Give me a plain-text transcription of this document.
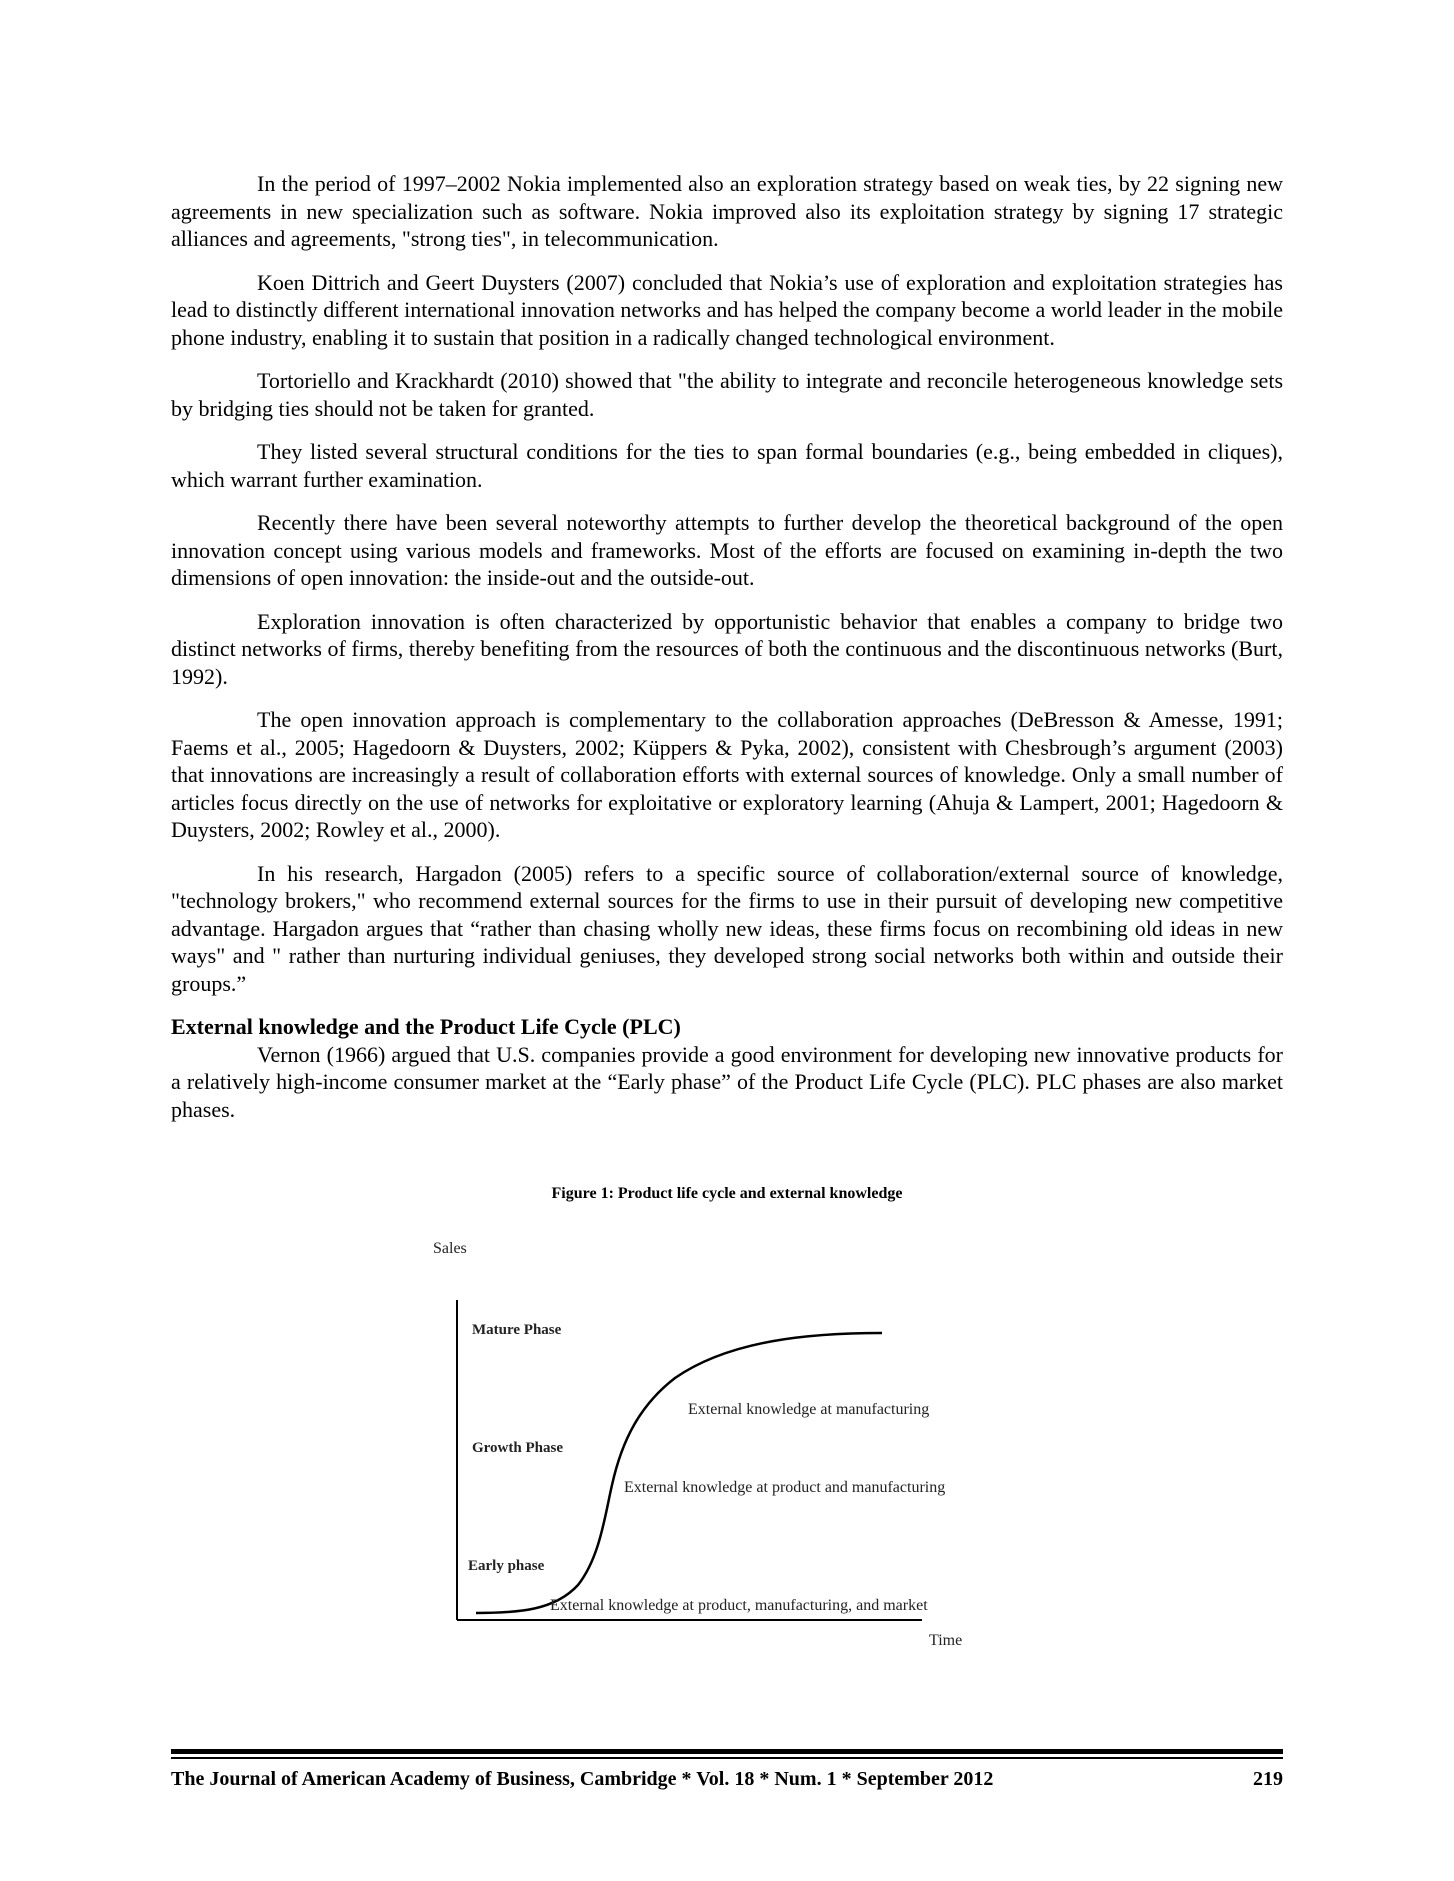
In the period of 1997–2002 Nokia implemented also an exploration strategy based on weak ties, by 22 signing new agreements in new specialization such as software. Nokia improved also its exploitation strategy by signing 17 strategic alliances and agreements, "strong ties", in telecommunication.

Koen Dittrich and Geert Duysters (2007) concluded that Nokia’s use of exploration and exploitation strategies has lead to distinctly different international innovation networks and has helped the company become a world leader in the mobile phone industry, enabling it to sustain that position in a radically changed technological environment.

Tortoriello and Krackhardt (2010) showed that "the ability to integrate and reconcile heterogeneous knowledge sets by bridging ties should not be taken for granted.

They listed several structural conditions for the ties to span formal boundaries (e.g., being embedded in cliques), which warrant further examination.

Recently there have been several noteworthy attempts to further develop the theoretical background of the open innovation concept using various models and frameworks. Most of the efforts are focused on examining in-depth the two dimensions of open innovation: the inside-out and the outside-out.

Exploration innovation is often characterized by opportunistic behavior that enables a company to bridge two distinct networks of firms, thereby benefiting from the resources of both the continuous and the discontinuous networks (Burt, 1992).

The open innovation approach is complementary to the collaboration approaches (DeBresson & Amesse, 1991; Faems et al., 2005; Hagedoorn & Duysters, 2002; Küppers & Pyka, 2002), consistent with Chesbrough’s argument (2003) that innovations are increasingly a result of collaboration efforts with external sources of knowledge. Only a small number of articles focus directly on the use of networks for exploitative or exploratory learning (Ahuja & Lampert, 2001; Hagedoorn & Duysters, 2002; Rowley et al., 2000).

In his research, Hargadon (2005) refers to a specific source of collaboration/external source of knowledge, "technology brokers," who recommend external sources for the firms to use in their pursuit of developing new competitive advantage. Hargadon argues that “rather than chasing wholly new ideas, these firms focus on recombining old ideas in new ways" and " rather than nurturing individual geniuses, they developed strong social networks both within and outside their groups.”

External knowledge and the Product Life Cycle (PLC)

Vernon (1966) argued that U.S. companies provide a good environment for developing new innovative products for a relatively high-income consumer market at the “Early phase” of the Product Life Cycle (PLC). PLC phases are also market phases.

Figure 1: Product life cycle and external knowledge
Sales
Time
Mature Phase
Growth Phase
Early phase
External knowledge at manufacturing
External knowledge at product and manufacturing
External knowledge at product, manufacturing, and market
The Journal of American Academy of Business, Cambridge * Vol. 18 * Num. 1 * September 2012	219
